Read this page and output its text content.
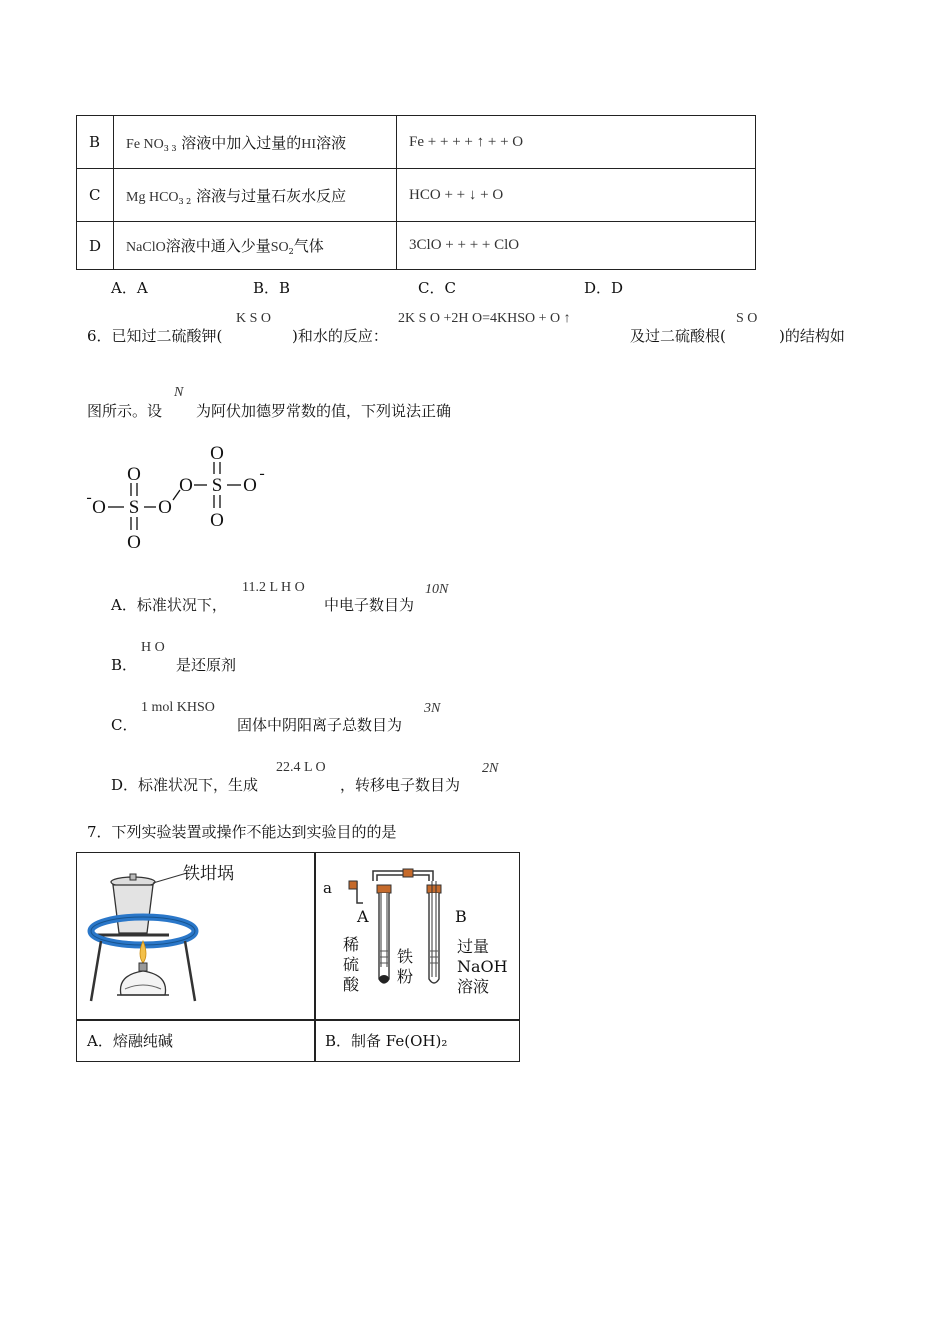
B	Fe $NO_{3 3}$ 溶液中加入过量的HI溶液	Fe + + + + ↑ + + O
C	Mg $HCO_{3 2}$ 溶液与过量石灰水反应	HCO + + ↓ + O
D	NaClO溶液中通入少量$SO_2$气体	3ClO + + + + ClO
A．A	B．B	C．C	D．D
6．已知过二硫酸钾(
K S O
)和水的反应：
2K S O +2H O=4KHSO + O ↑
及过二硫酸根(
S O
)的结构如
图所示。设
N
为阿伏加德罗常数的值，下列说法正确
O
O
O S O
O
O S O
O
-
-
A．标准状况下，
11.2 L H O
中电子数目为
10N
B．
H O
是还原剂
C．
1 mol KHSO
固体中阴阳离子总数目为
3N
D．标准状况下，生成
22.4 L O
，转移电子数目为
2N
7．下列实验装置或操作不能达到实验目的的是
铁坩埚
a
A	B
稀
硫
酸
铁
粉
过量
NaOH
溶液
A．熔融纯碱	B．制备 Fe(OH)₂
